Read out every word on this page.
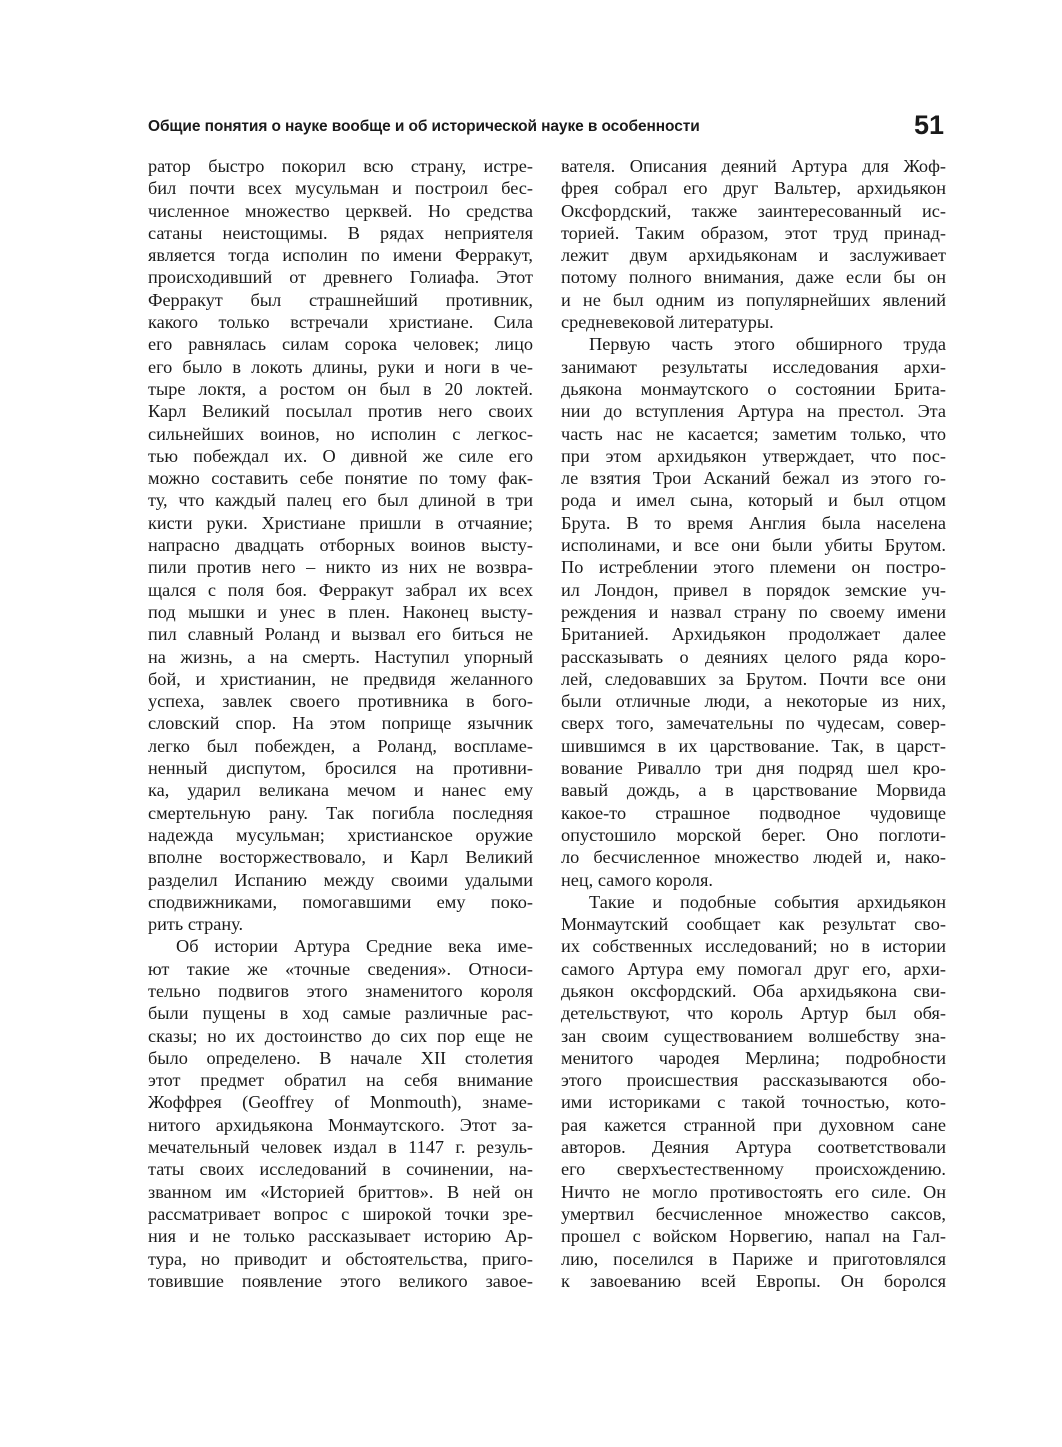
Общие понятия о науке вообще и об исторической науке в особенности	51
ратор быстро покорил всю страну, истре-
бил почти всех мусульман и построил бес-
численное множество церквей. Но средства
сатаны неистощимы. В рядах неприятеля
является тогда исполин по имени Ферракут,
происходивший от древнего Голиафа. Этот
Ферракут был страшнейший противник,
какого только встречали христиане. Сила
его равнялась силам сорока человек; лицо
его было в локоть длины, руки и ноги в че-
тыре локтя, а ростом он был в 20 локтей.
Карл Великий посылал против него своих
сильнейших воинов, но исполин с легкос-
тью побеждал их. О дивной же силе его
можно составить себе понятие по тому фак-
ту, что каждый палец его был длиной в три
кисти руки. Христиане пришли в отчаяние;
напрасно двадцать отборных воинов высту-
пили против него – никто из них не возвра-
щался с поля боя. Ферракут забрал их всех
под мышки и унес в плен. Наконец высту-
пил славный Роланд и вызвал его биться не
на жизнь, а на смерть. Наступил упорный
бой, и христианин, не предвидя желанного
успеха, завлек своего противника в бого-
словский спор. На этом поприще язычник
легко был побежден, а Роланд, воспламе-
ненный диспутом, бросился на противни-
ка, ударил великана мечом и нанес ему
смертельную рану. Так погибла последняя
надежда мусульман; христианское оружие
вполне восторжествовало, и Карл Великий
разделил Испанию между своими удалыми
сподвижниками, помогавшими ему поко-
рить страну.
Об истории Артура Средние века име-
ют такие же «точные сведения». Относи-
тельно подвигов этого знаменитого короля
были пущены в ход самые различные рас-
сказы; но их достоинство до сих пор еще не
было определено. В начале XII столетия
этот предмет обратил на себя внимание
Жоффрея (Geoffrey of Monmouth), знаме-
нитого архидьякона Монмаутского. Этот за-
мечательный человек издал в 1147 г. резуль-
таты своих исследований в сочинении, на-
званном им «Историей бриттов». В ней он
рассматривает вопрос с широкой точки зре-
ния и не только рассказывает историю Ар-
тура, но приводит и обстоятельства, приго-
товившие появление этого великого завое-
вателя. Описания деяний Артура для Жоф-
фрея собрал его друг Вальтер, архидьякон
Оксфордский, также заинтересованный ис-
торией. Таким образом, этот труд принад-
лежит двум архидьяконам и заслуживает
потому полного внимания, даже если бы он
и не был одним из популярнейших явлений
средневековой литературы.
Первую часть этого обширного труда
занимают результаты исследования архи-
дьякона монмаутского о состоянии Брита-
нии до вступления Артура на престол. Эта
часть нас не касается; заметим только, что
при этом архидьякон утверждает, что пос-
ле взятия Трои Асканий бежал из этого го-
рода и имел сына, который и был отцом
Брута. В то время Англия была населена
исполинами, и все они были убиты Брутом.
По истреблении этого племени он постро-
ил Лондон, привел в порядок земские уч-
реждения и назвал страну по своему имени
Британией. Архидьякон продолжает далее
рассказывать о деяниях целого ряда коро-
лей, следовавших за Брутом. Почти все они
были отличные люди, а некоторые из них,
сверх того, замечательны по чудесам, совер-
шившимся в их царствование. Так, в царст-
вование Ривалло три дня подряд шел кро-
вавый дождь, а в царствование Морвида
какое-то страшное подводное чудовище
опустошило морской берег. Оно поглоти-
ло бесчисленное множество людей и, нако-
нец, самого короля.
Такие и подобные события архидьякон
Монмаутский сообщает как результат сво-
их собственных исследований; но в истории
самого Артура ему помогал друг его, архи-
дьякон оксфордский. Оба архидьякона сви-
детельствуют, что король Артур был обя-
зан своим существованием волшебству зна-
менитого чародея Мерлина; подробности
этого происшествия рассказываются обо-
ими историками с такой точностью, кото-
рая кажется странной при духовном сане
авторов. Деяния Артура соответствовали
его сверхъестественному происхождению.
Ничто не могло противостоять его силе. Он
умертвил бесчисленное множество саксов,
прошел с войском Норвегию, напал на Гал-
лию, поселился в Париже и приготовлялся
к завоеванию всей Европы. Он боролся
